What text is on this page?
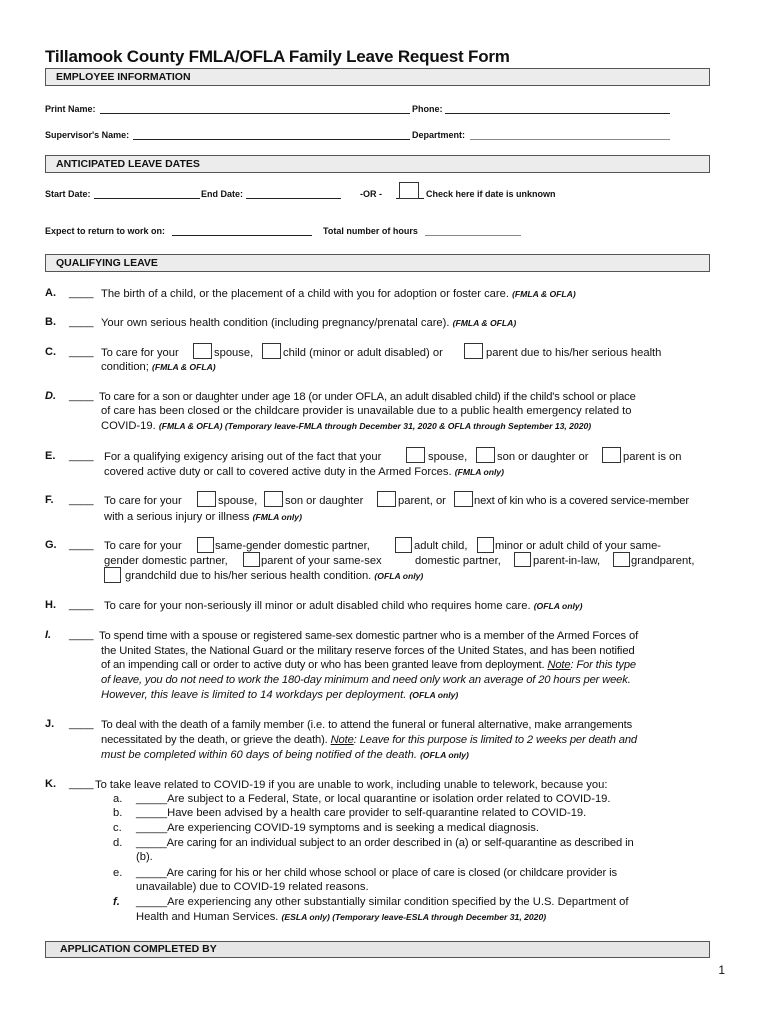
Tillamook County FMLA/OFLA Family Leave Request Form
EMPLOYEE INFORMATION
Print Name:	Phone:
Supervisor's Name:	Department:
ANTICIPATED LEAVE DATES
Start Date:	End Date:	-OR -	Check here if date is unknown
Expect to return to work on:	Total number of hours
QUALIFYING LEAVE
A. ____ The birth of a child, or the placement of a child with you for adoption or foster care. (FMLA & OFLA)
B. ____ Your own serious health condition (including pregnancy/prenatal care). (FMLA & OFLA)
C. ____ To care for your	spouse,	child (minor or adult disabled) or	parent due to his/her serious health
condition; (FMLA & OFLA)
D. ____ To care for a son or daughter under age 18 (or under OFLA, an adult disabled child) if the child's school or place
of care has been closed or the childcare provider is unavailable due to a public health emergency related to
COVID-19. (FMLA & OFLA) (Temporary leave-FMLA through December 31, 2020 & OFLA through September 13, 2020)
E. ____ For a qualifying exigency arising out of the fact that your	spouse,	son or daughter or	parent is on
covered active duty or call to covered active duty in the Armed Forces. (FMLA only)
F. ____ To care for your	spouse, son or daughter	parent, or	next of kin who is a covered service-member
with a serious injury or illness (FMLA only)
G. ____ To care for your	same-gender domestic partner,	adult child, minor or adult child of your same-
gender domestic partner,	parent of your same-sex	domestic partner,	parent-in-law,	grandparent,
grandchild due to his/her serious health condition. (OFLA only)
H. ____ To care for your non-seriously ill minor or adult disabled child who requires home care. (OFLA only)
I. ____ To spend time with a spouse or registered same-sex domestic partner who is a member of the Armed Forces of
the United States, the National Guard or the military reserve forces of the United States, and has been notified
of an impending call or order to active duty or who has been granted leave from deployment. Note: For this type
of leave, you do not need to work the 180-day minimum and need only work an average of 20 hours per week.
However, this leave is limited to 14 workdays per deployment. (OFLA only)
J. ____ To deal with the death of a family member (i.e. to attend the funeral or funeral alternative, make arrangements
necessitated by the death, or grieve the death). Note: Leave for this purpose is limited to 2 weeks per death and
must be completed within 60 days of being notified of the death. (OFLA only)
K. ____ To take leave related to COVID-19 if you are unable to work, including unable to telework, because you:
a. _____Are subject to a Federal, State, or local quarantine or isolation order related to COVID-19.
b. _____Have been advised by a health care provider to self-quarantine related to COVID-19.
c. _____Are experiencing COVID-19 symptoms and is seeking a medical diagnosis.
d. _____Are caring for an individual subject to an order described in (a) or self-quarantine as described in
(b).
e. _____Are caring for his or her child whose school or place of care is closed (or childcare provider is
unavailable) due to COVID-19 related reasons.
f. _____Are experiencing any other substantially similar condition specified by the U.S. Department of
Health and Human Services. (ESLA only) (Temporary leave-ESLA through December 31, 2020)
APPLICATION COMPLETED BY
1
